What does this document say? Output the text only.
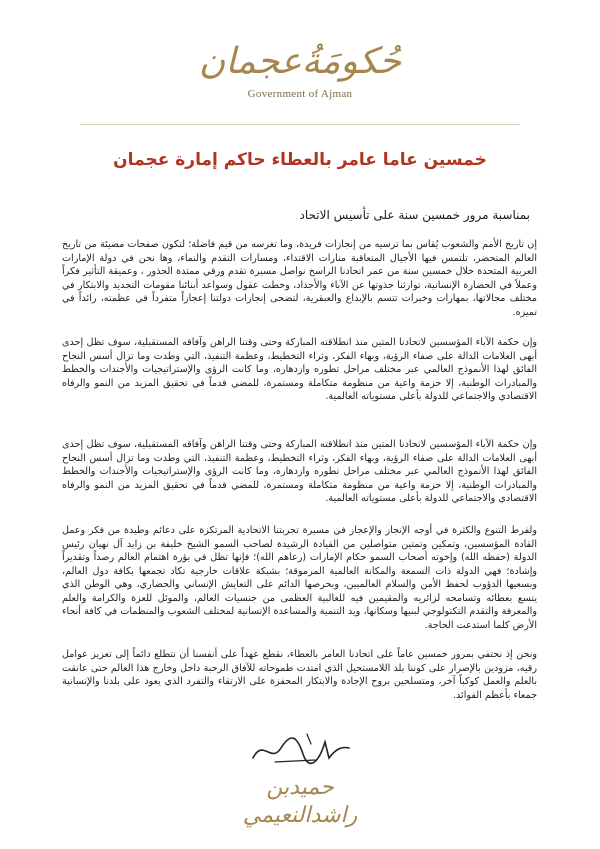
حُكومَةُعجمان
Government of Ajman
خمسين عاما عامر بالعطاء حاكم إمارة عجمان
بمناسبة مرور خمسين سنة على تأسيس الاتحاد
إن تاريخ الأمم والشعوب يُقاس بما ترسيه من إنجازات فريدة، وما تغرسه من قيم فاضلة؛ لتكون صفحات مضيئة من تاريخ العالم المتحضر، تلتمس فيها الأجيال المتعاقبة منارات الاقتداء، ومسارات التقدم والنماء، وها نحن في دولة الإمارات العربية المتحدة خلال خمسين سنة من عمر اتحادنا الراسخ نواصل مسيرة تقدم ورقي ممتدة الجذور ، وعميقة التأثير فكراً وعملاً في الحضارة الإنسانية، توارثنا جذوتها عن الآباء والأجداد، وخطت عقول وسواعد أبنائنا مقومات التجديد والابتكار في مختلف مجالاتها، بمهارات وخبرات تتسم بالإبداع والعبقرية، لتضحى إنجازات دولتنا إعجازاً متفرداً في عظمته، رائداً في تميزه.
وإن حكمة الآباء المؤسسين لاتحادنا المتين منذ انطلاقته المباركة وحتى وقتنا الراهن وآفاقه المستقبلية، سوف تظل إحدى أبهى العلامات الدالة على صفاء الرؤية، وبهاء الفكر، وثراء التخطيط، وعظمة التنفيذ، التي وطدت وما تزال أسس النجاح الفائق لهذا الأنموذج العالمي عبر مختلف مراحل تطوره وازدهاره، وما كانت الرؤى والإستراتيجيات والأجندات والخطط والمبادرات الوطنية، إلا حزمة واعية من منظومة متكاملة ومستمرة، للمضي قدماً في تحقيق المزيد من النمو والرفاه الاقتصادي والاجتماعي للدولة بأعلى مستوياته العالمية.
وإن حكمة الآباء المؤسسين لاتحادنا المتين منذ انطلاقته المباركة وحتى وقتنا الراهن وآفاقه المستقبلية، سوف تظل إحدى أبهى العلامات الدالة على صفاء الرؤية، وبهاء الفكر، وثراء التخطيط، وعظمة التنفيذ، التي وطدت وما تزال أسس النجاح الفائق لهذا الأنموذج العالمي عبر مختلف مراحل تطوره وازدهاره، وما كانت الرؤى والإستراتيجيات والأجندات والخطط والمبادرات الوطنية، إلا حزمة واعية من منظومة متكاملة ومستمرة، للمضي قدماً في تحقيق المزيد من النمو والرفاه الاقتصادي والاجتماعي للدولة بأعلى مستوياته العالمية.
ولفرط التنوع والكثرة في أوجه الإنجاز والإعجاز في مسيرة تجربتنا الاتحادية المرتكزة على دعائم وطيدة من فكر وعمل القادة المؤسسين، وتمكين وتمتين متواصلين من القيادة الرشيدة لصاحب السمو الشيخ خليفة بن زايد آل نهيان رئيس الدولة (حفظه الله) وإخوته أصحاب السمو حكام الإمارات (رعاهم الله)؛ فإنها تظل في بؤرة اهتمام العالم رصداً وتقديراً وإشادة؛ فهي الدولة ذات السمعة والمكانة العالمية المرموقة؛ بشبكة علاقات خارجية تكاد تجمعها بكافة دول العالم، وبسعيها الدؤوب لحفظ الأمن والسلام العالميين، وبحرصها الدائم على التعايش الإنساني والحضاري، وهي الوطن الذي يتسع بعطائه وتسامحه لزائريه والمقيمين فيه للغالبية العظمى من جنسيات العالم، والموئل للعزة والكرامة والعلم والمعرفة والتقدم التكنولوجي لبنيها وسكانها، ويد التنمية والمساعدة الإنسانية لمختلف الشعوب والمنظمات في كافة أنحاء الأرض كلما استدعت الحاجة.
ونحن إذ نحتفي بمرور خمسين عاماً على اتحادنا العامر بالعطاء، نقطع عهداً على أنفسنا أن نتطلع دائماً إلى تعزيز عوامل رقيه، مزودين بالإصرار على كوننا بلد اللامستحيل الذي امتدت طموحاته للآفاق الرحبة داخل وخارج هذا العالم حتى عانقت بالعلم والعمل كوكباً آخر، ومتسلحين بروح الإجادة والابتكار المحفزة على الارتقاء والتفرد الذي يعود على بلدنا والإنسانية جمعاء بأعظم الفوائد.
حميدبن راشدالنعيمي
